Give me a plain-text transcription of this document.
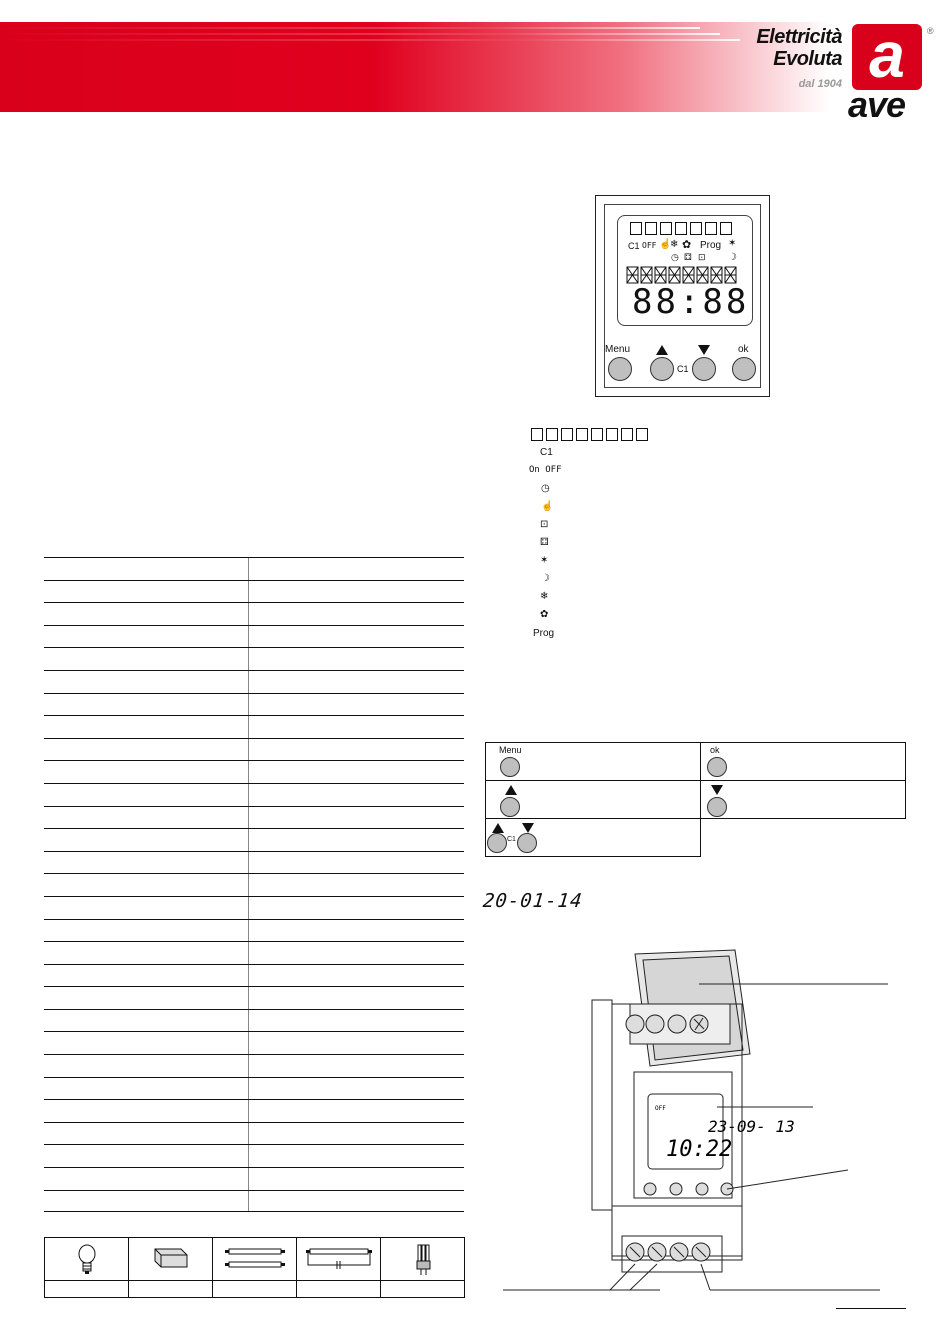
Elettricità
Evoluta
dal 1904 a
ave
®
C1 OFF ☝
❄ ✿ Prog ✶
◷ ⚃ ⊡ ☽
88:88
Menu	ok
C1
C1
On OFF
◷
☝
⊡
⚃
✶
☽
❄
✿
Prog
Menu	ok
C1
20-01-14
23-09- 13
10:22
OFF
